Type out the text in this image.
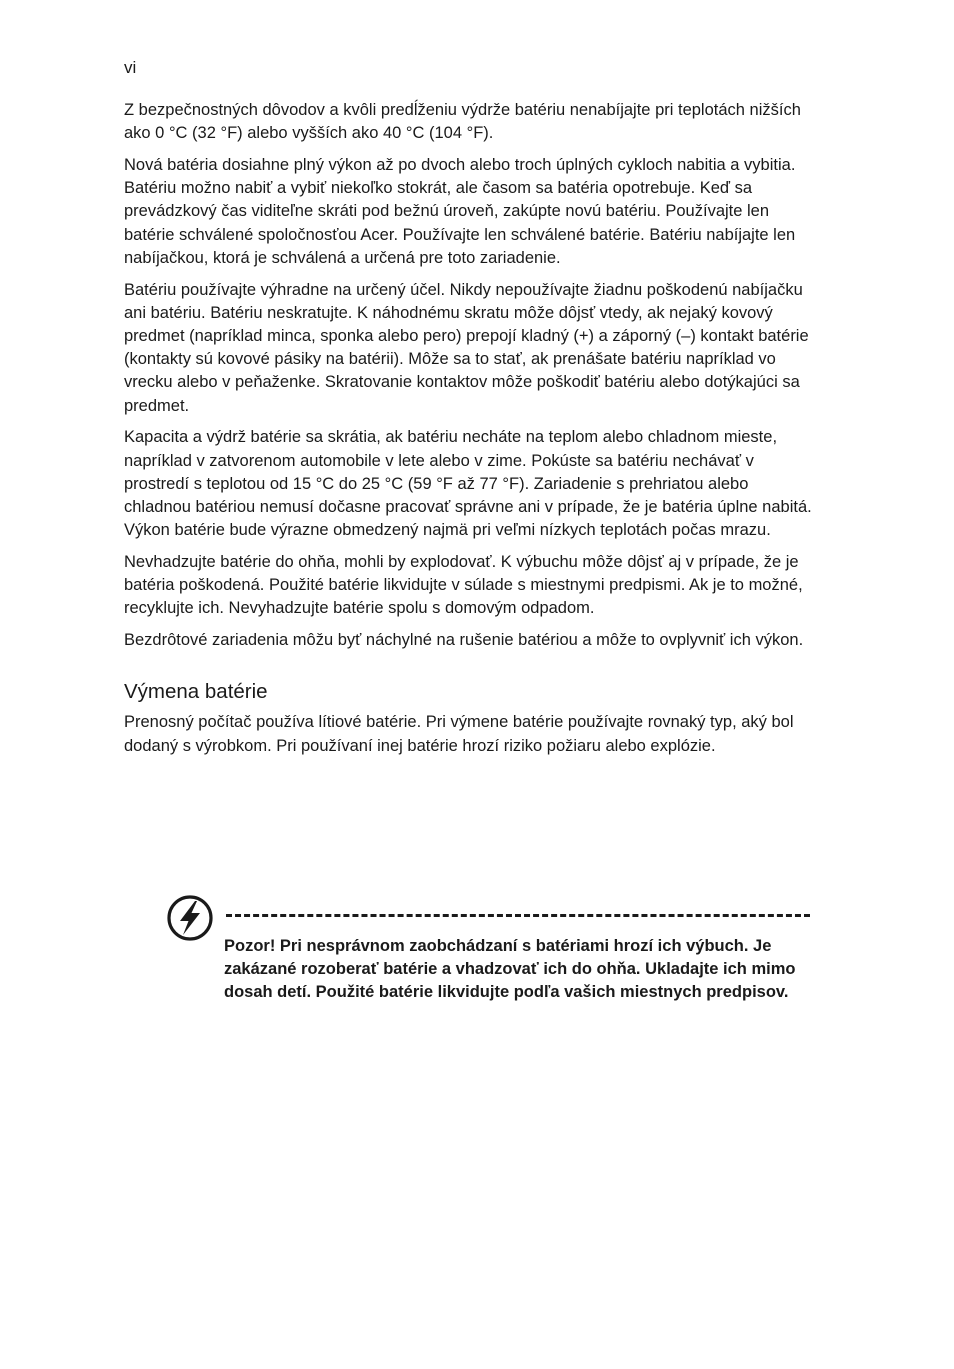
vi

Z bezpečnostných dôvodov a kvôli predĺženiu výdrže batériu nenabíjajte pri teplotách nižších ako 0 °C (32 °F) alebo vyšších ako 40 °C (104 °F).

Nová batéria dosiahne plný výkon až po dvoch alebo troch úplných cykloch nabitia a vybitia. Batériu možno nabiť a vybiť niekoľko stokrát, ale časom sa batéria opotrebuje. Keď sa prevádzkový čas viditeľne skráti pod bežnú úroveň, zakúpte novú batériu. Používajte len batérie schválené spoločnosťou Acer. Používajte len schválené batérie. Batériu nabíjajte len nabíjačkou, ktorá je schválená a určená pre toto zariadenie.

Batériu používajte výhradne na určený účel. Nikdy nepoužívajte žiadnu poškodenú nabíjačku ani batériu. Batériu neskratujte. K náhodnému skratu môže dôjsť vtedy, ak nejaký kovový predmet (napríklad minca, sponka alebo pero) prepojí kladný (+) a záporný (–) kontakt batérie (kontakty sú kovové pásiky na batérii). Môže sa to stať, ak prenášate batériu napríklad vo vrecku alebo v peňaženke. Skratovanie kontaktov môže poškodiť batériu alebo dotýkajúci sa predmet.

Kapacita a výdrž batérie sa skrátia, ak batériu necháte na teplom alebo chladnom mieste, napríklad v zatvorenom automobile v lete alebo v zime. Pokúste sa batériu nechávať v prostredí s teplotou od 15 °C do 25 °C (59 °F až 77 °F). Zariadenie s prehriatou alebo chladnou batériou nemusí dočasne pracovať správne ani v prípade, že je batéria úplne nabitá. Výkon batérie bude výrazne obmedzený najmä pri veľmi nízkych teplotách počas mrazu.

Nevhadzujte batérie do ohňa, mohli by explodovať. K výbuchu môže dôjsť aj v prípade, že je batéria poškodená. Použité batérie likvidujte v súlade s miestnymi predpismi. Ak je to možné, recyklujte ich. Nevyhadzujte batérie spolu s domovým odpadom.

Bezdrôtové zariadenia môžu byť náchylné na rušenie batériou a môže to ovplyvniť ich výkon.

Výmena batérie

Prenosný počítač používa lítiové batérie. Pri výmene batérie používajte rovnaký typ, aký bol dodaný s výrobkom. Pri používaní inej batérie hrozí riziko požiaru alebo explózie.

Pozor! Pri nesprávnom zaobchádzaní s batériami hrozí ich výbuch. Je zakázané rozoberať batérie a vhadzovať ich do ohňa. Ukladajte ich mimo dosah detí. Použité batérie likvidujte podľa vašich miestnych predpisov.
